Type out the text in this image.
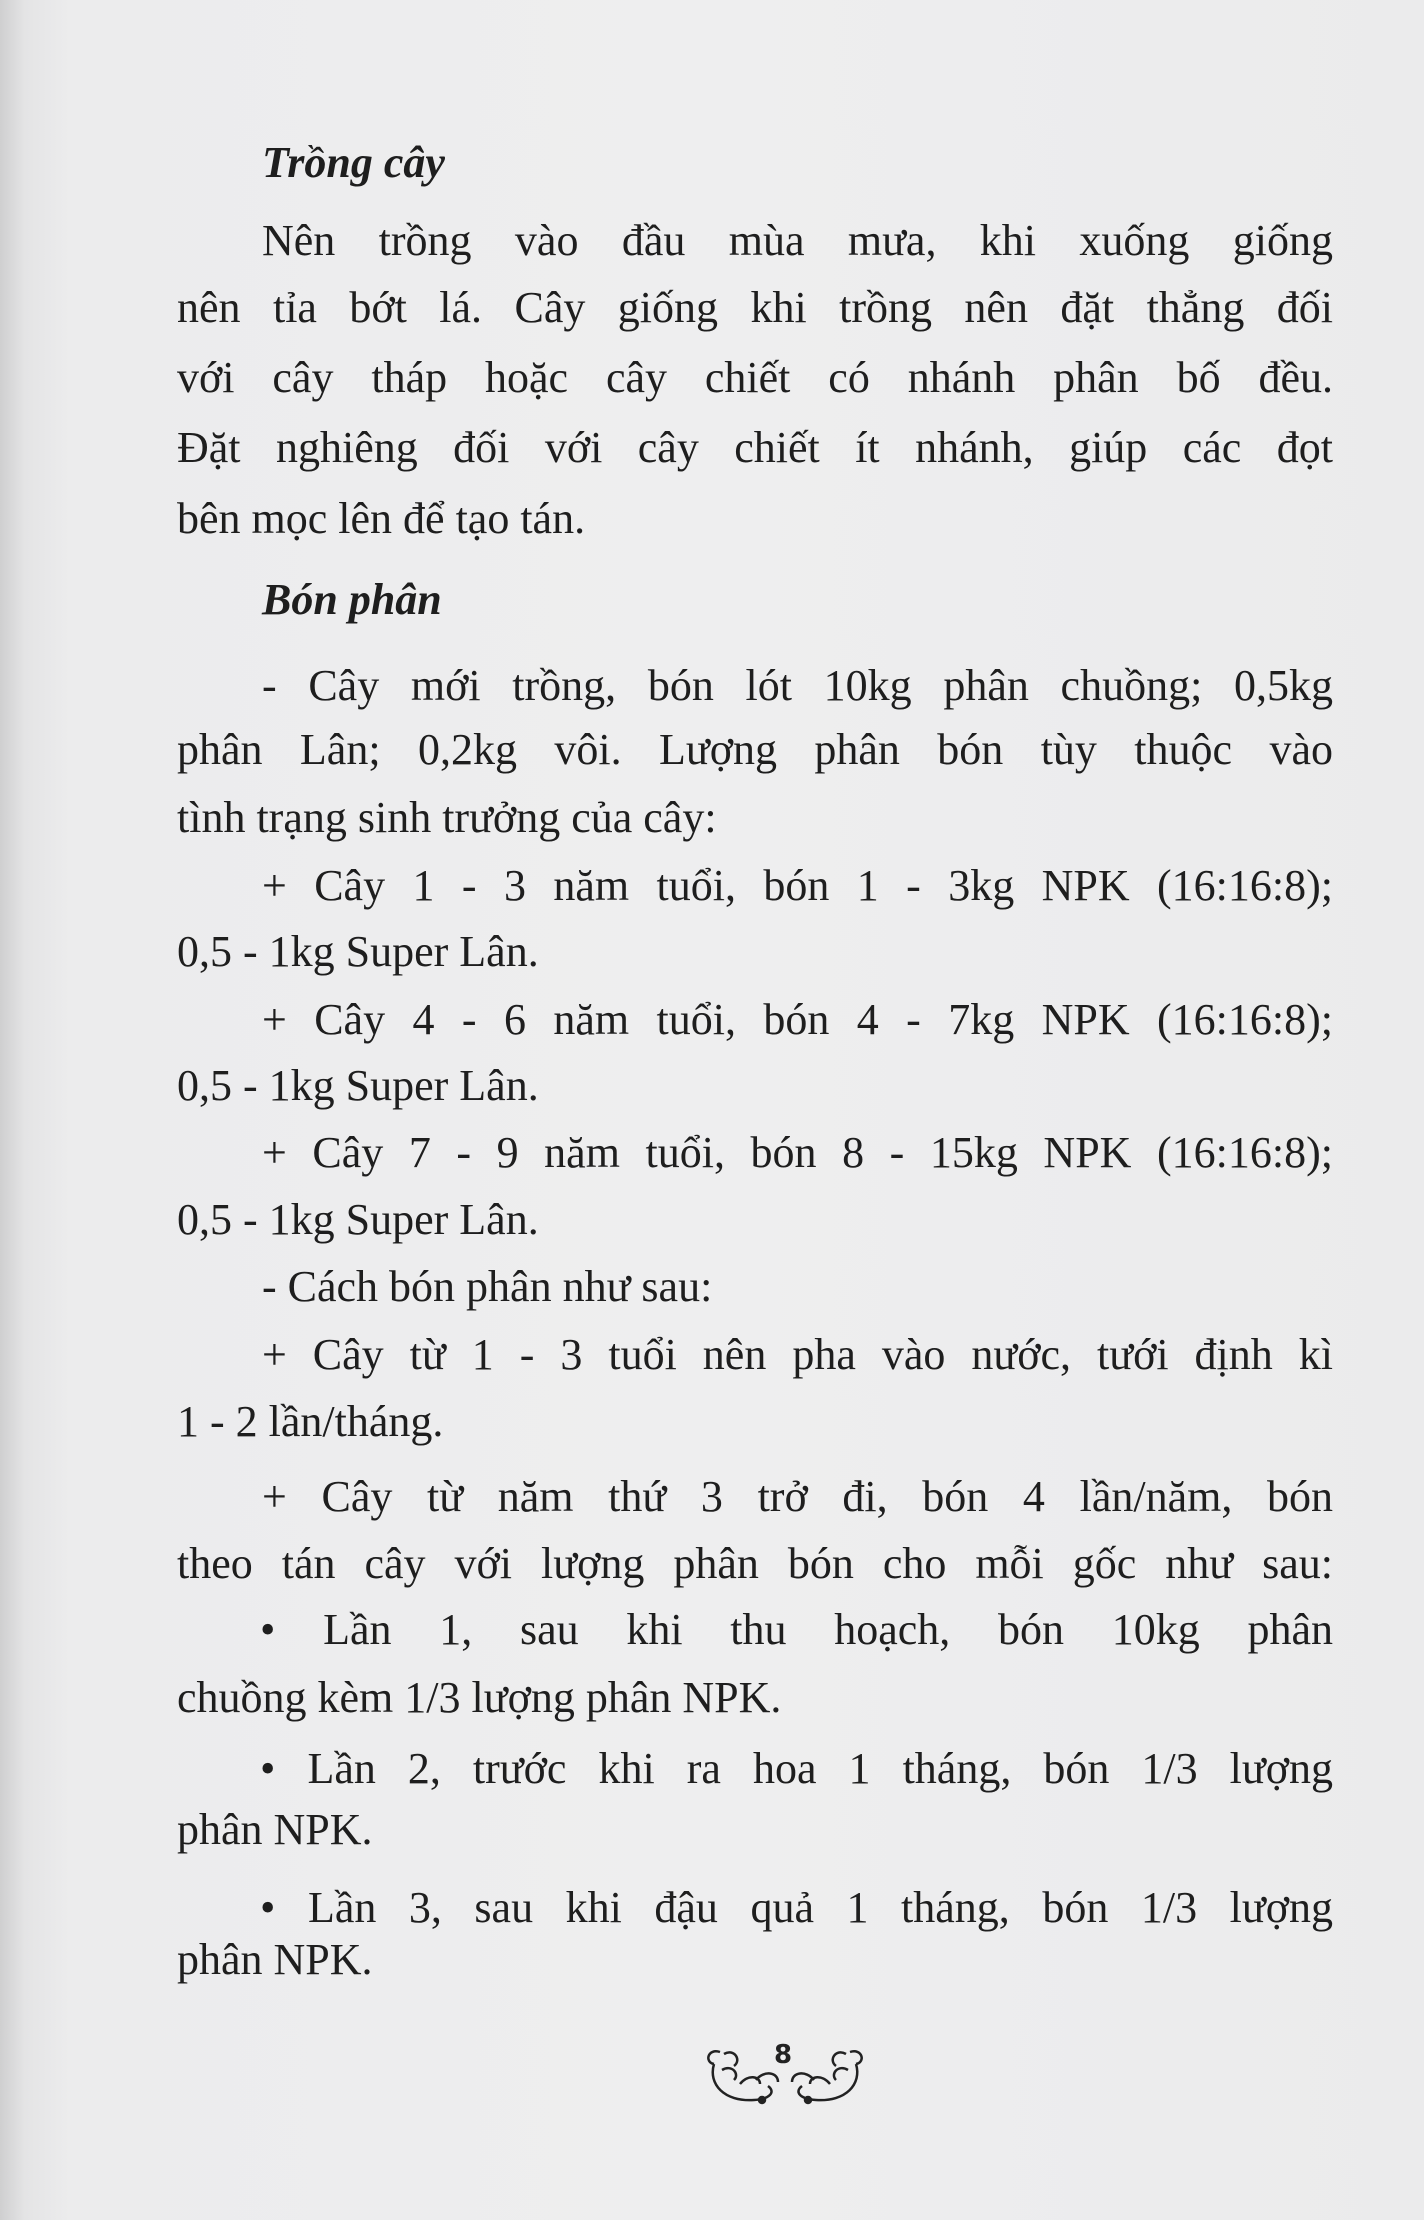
Trồng cây
Nên trồng vào đầu mùa mưa, khi xuống giống
nên tỉa bớt lá. Cây giống khi trồng nên đặt thẳng đối
với cây tháp hoặc cây chiết có nhánh phân bố đều.
Đặt nghiêng đối với cây chiết ít nhánh, giúp các đọt
bên mọc lên để tạo tán.
Bón phân
- Cây mới trồng, bón lót 10kg phân chuồng; 0,5kg
phân Lân; 0,2kg vôi. Lượng phân bón tùy thuộc vào
tình trạng sinh trưởng của cây:
+ Cây 1 - 3 năm tuổi, bón 1 - 3kg NPK (16:16:8);
0,5 - 1kg Super Lân.
+ Cây 4 - 6 năm tuổi, bón 4 - 7kg NPK (16:16:8);
0,5 - 1kg Super Lân.
+ Cây 7 - 9 năm tuổi, bón 8 - 15kg NPK (16:16:8);
0,5 - 1kg Super Lân.
- Cách bón phân như sau:
+ Cây từ 1 - 3 tuổi nên pha vào nước, tưới định kì
1 - 2 lần/tháng.
+ Cây từ năm thứ 3 trở đi, bón 4 lần/năm, bón
theo tán cây với lượng phân bón cho mỗi gốc như sau:
• Lần 1, sau khi thu hoạch, bón 10kg phân
chuồng kèm 1/3 lượng phân NPK.
• Lần 2, trước khi ra hoa 1 tháng, bón 1/3 lượng
phân NPK.
• Lần 3, sau khi đậu quả 1 tháng, bón 1/3 lượng
phân NPK.
8
